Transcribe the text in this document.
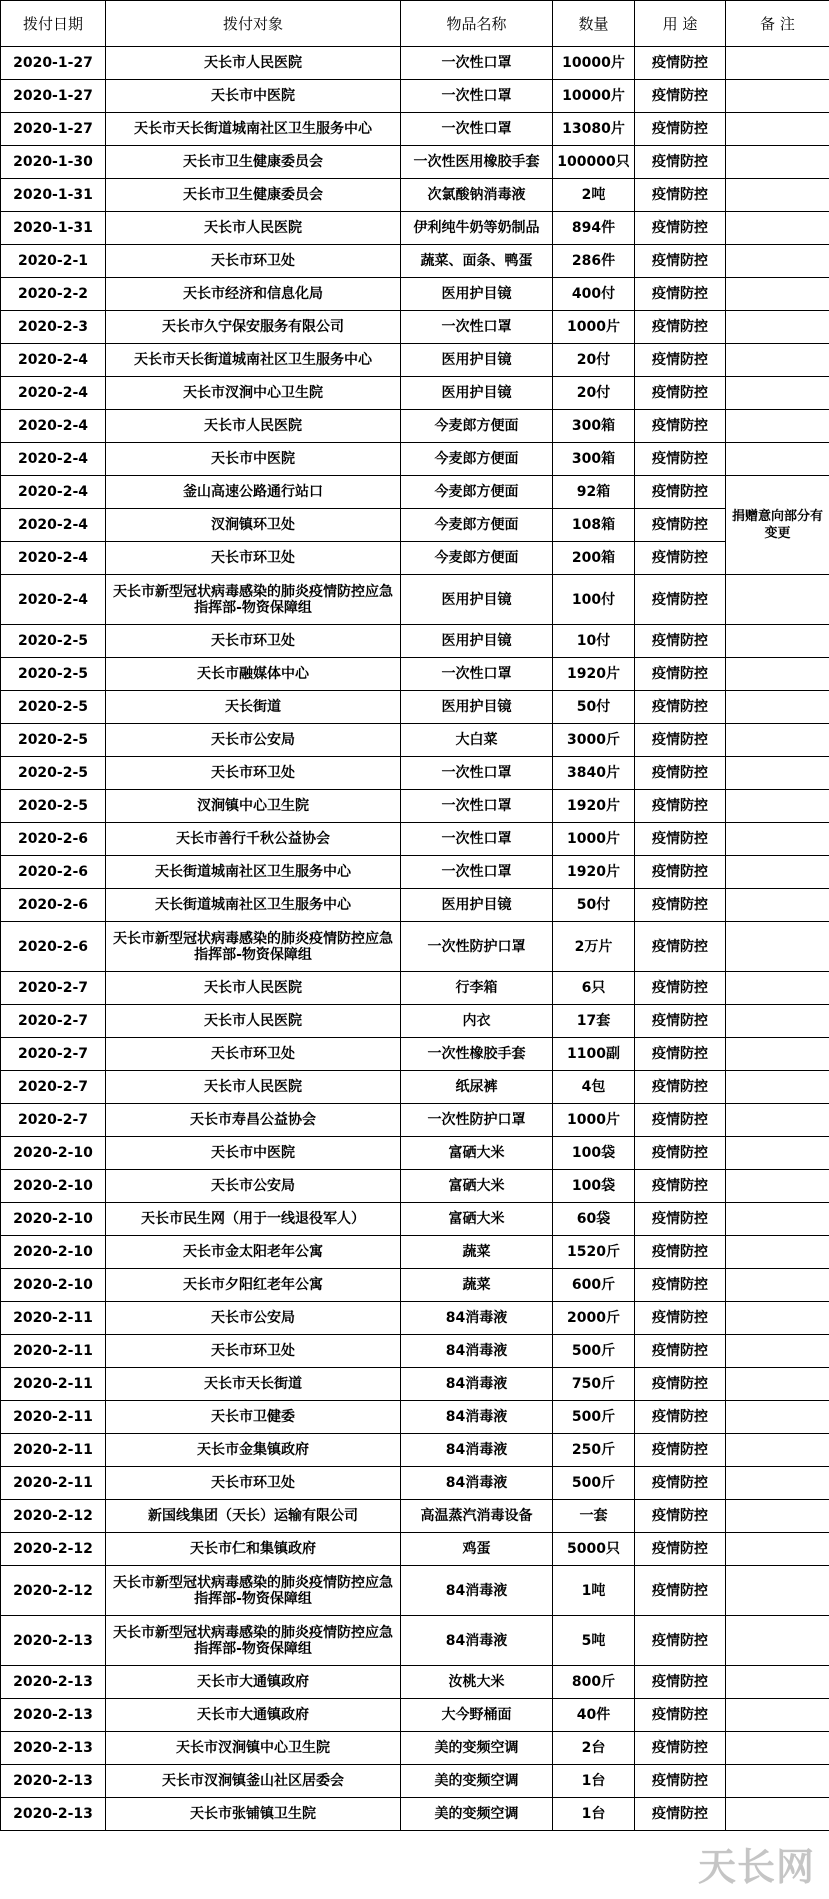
拨付日期	拨付对象	物品名称	数量	用 途	备 注
2020-1-27	天长市人民医院	一次性口罩	10000片	疫情防控	
2020-1-27	天长市中医院	一次性口罩	10000片	疫情防控	
2020-1-27	天长市天长街道城南社区卫生服务中心	一次性口罩	13080片	疫情防控	
2020-1-30	天长市卫生健康委员会	一次性医用橡胶手套	100000只	疫情防控	
2020-1-31	天长市卫生健康委员会	次氯酸钠消毒液	2吨	疫情防控	
2020-1-31	天长市人民医院	伊利纯牛奶等奶制品	894件	疫情防控	
2020-2-1	天长市环卫处	蔬菜、面条、鸭蛋	286件	疫情防控	
2020-2-2	天长市经济和信息化局	医用护目镜	400付	疫情防控	
2020-2-3	天长市久宁保安服务有限公司	一次性口罩	1000片	疫情防控	
2020-2-4	天长市天长街道城南社区卫生服务中心	医用护目镜	20付	疫情防控	
2020-2-4	天长市汊涧中心卫生院	医用护目镜	20付	疫情防控	
2020-2-4	天长市人民医院	今麦郎方便面	300箱	疫情防控	
2020-2-4	天长市中医院	今麦郎方便面	300箱	疫情防控	
2020-2-4	釜山高速公路通行站口	今麦郎方便面	92箱	疫情防控	捐赠意向部分有变更
2020-2-4	汊涧镇环卫处	今麦郎方便面	108箱	疫情防控	
2020-2-4	天长市环卫处	今麦郎方便面	200箱	疫情防控	
2020-2-4	天长市新型冠状病毒感染的肺炎疫情防控应急指挥部-物资保障组	医用护目镜	100付	疫情防控	
2020-2-5	天长市环卫处	医用护目镜	10付	疫情防控	
2020-2-5	天长市融媒体中心	一次性口罩	1920片	疫情防控	
2020-2-5	天长街道	医用护目镜	50付	疫情防控	
2020-2-5	天长市公安局	大白菜	3000斤	疫情防控	
2020-2-5	天长市环卫处	一次性口罩	3840片	疫情防控	
2020-2-5	汊涧镇中心卫生院	一次性口罩	1920片	疫情防控	
2020-2-6	天长市善行千秋公益协会	一次性口罩	1000片	疫情防控	
2020-2-6	天长街道城南社区卫生服务中心	一次性口罩	1920片	疫情防控	
2020-2-6	天长街道城南社区卫生服务中心	医用护目镜	50付	疫情防控	
2020-2-6	天长市新型冠状病毒感染的肺炎疫情防控应急指挥部-物资保障组	一次性防护口罩	2万片	疫情防控	
2020-2-7	天长市人民医院	行李箱	6只	疫情防控	
2020-2-7	天长市人民医院	内衣	17套	疫情防控	
2020-2-7	天长市环卫处	一次性橡胶手套	1100副	疫情防控	
2020-2-7	天长市人民医院	纸尿裤	4包	疫情防控	
2020-2-7	天长市寿昌公益协会	一次性防护口罩	1000片	疫情防控	
2020-2-10	天长市中医院	富硒大米	100袋	疫情防控	
2020-2-10	天长市公安局	富硒大米	100袋	疫情防控	
2020-2-10	天长市民生网（用于一线退役军人）	富硒大米	60袋	疫情防控	
2020-2-10	天长市金太阳老年公寓	蔬菜	1520斤	疫情防控	
2020-2-10	天长市夕阳红老年公寓	蔬菜	600斤	疫情防控	
2020-2-11	天长市公安局	84消毒液	2000斤	疫情防控	
2020-2-11	天长市环卫处	84消毒液	500斤	疫情防控	
2020-2-11	天长市天长街道	84消毒液	750斤	疫情防控	
2020-2-11	天长市卫健委	84消毒液	500斤	疫情防控	
2020-2-11	天长市金集镇政府	84消毒液	250斤	疫情防控	
2020-2-11	天长市环卫处	84消毒液	500斤	疫情防控	
2020-2-12	新国线集团（天长）运输有限公司	高温蒸汽消毒设备	一套	疫情防控	
2020-2-12	天长市仁和集镇政府	鸡蛋	5000只	疫情防控	
2020-2-12	天长市新型冠状病毒感染的肺炎疫情防控应急指挥部-物资保障组	84消毒液	1吨	疫情防控	
2020-2-13	天长市新型冠状病毒感染的肺炎疫情防控应急指挥部-物资保障组	84消毒液	5吨	疫情防控	
2020-2-13	天长市大通镇政府	汝桃大米	800斤	疫情防控	
2020-2-13	天长市大通镇政府	大今野桶面	40件	疫情防控	
2020-2-13	天长市汊涧镇中心卫生院	美的变频空调	2台	疫情防控	
2020-2-13	天长市汊涧镇釜山社区居委会	美的变频空调	1台	疫情防控	
2020-2-13	天长市张铺镇卫生院	美的变频空调	1台	疫情防控	
天长网
